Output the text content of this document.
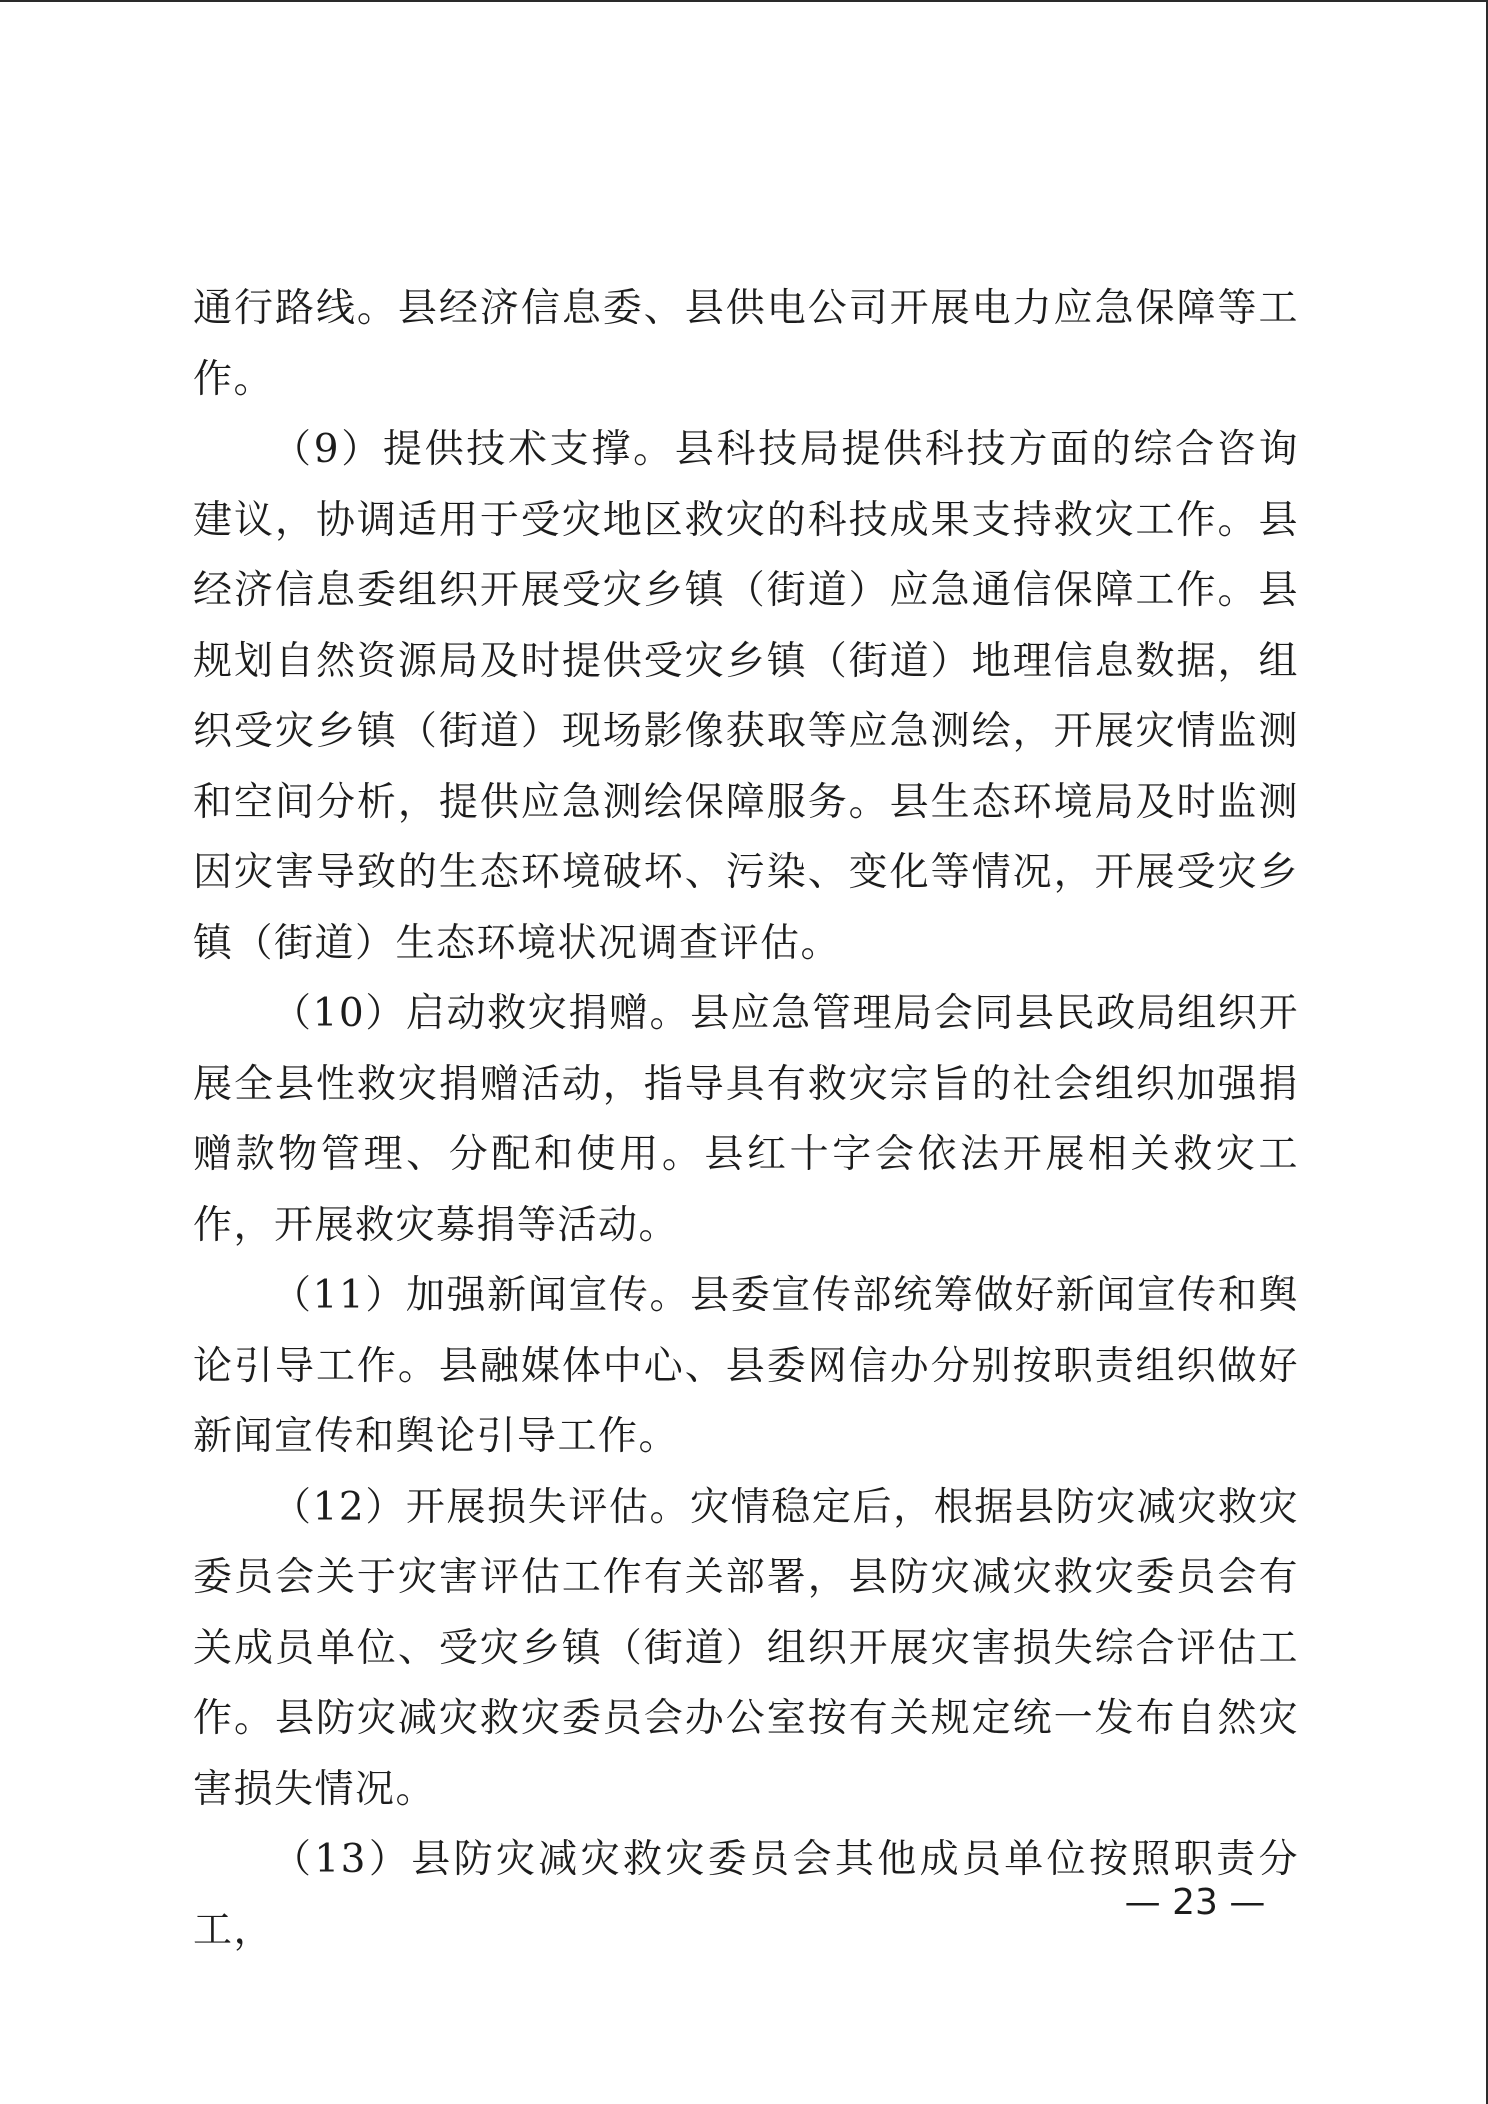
通行路线。县经济信息委、县供电公司开展电力应急保障等工作。

（9）提供技术支撑。县科技局提供科技方面的综合咨询建议，协调适用于受灾地区救灾的科技成果支持救灾工作。县经济信息委组织开展受灾乡镇（街道）应急通信保障工作。县规划自然资源局及时提供受灾乡镇（街道）地理信息数据，组织受灾乡镇（街道）现场影像获取等应急测绘，开展灾情监测和空间分析，提供应急测绘保障服务。县生态环境局及时监测因灾害导致的生态环境破坏、污染、变化等情况，开展受灾乡镇（街道）生态环境状况调查评估。

（10）启动救灾捐赠。县应急管理局会同县民政局组织开展全县性救灾捐赠活动，指导具有救灾宗旨的社会组织加强捐赠款物管理、分配和使用。县红十字会依法开展相关救灾工作，开展救灾募捐等活动。

（11）加强新闻宣传。县委宣传部统筹做好新闻宣传和舆论引导工作。县融媒体中心、县委网信办分别按职责组织做好新闻宣传和舆论引导工作。

（12）开展损失评估。灾情稳定后，根据县防灾减灾救灾委员会关于灾害评估工作有关部署，县防灾减灾救灾委员会有关成员单位、受灾乡镇（街道）组织开展灾害损失综合评估工作。县防灾减灾救灾委员会办公室按有关规定统一发布自然灾害损失情况。

（13）县防灾减灾救灾委员会其他成员单位按照职责分工，

— 23 —
